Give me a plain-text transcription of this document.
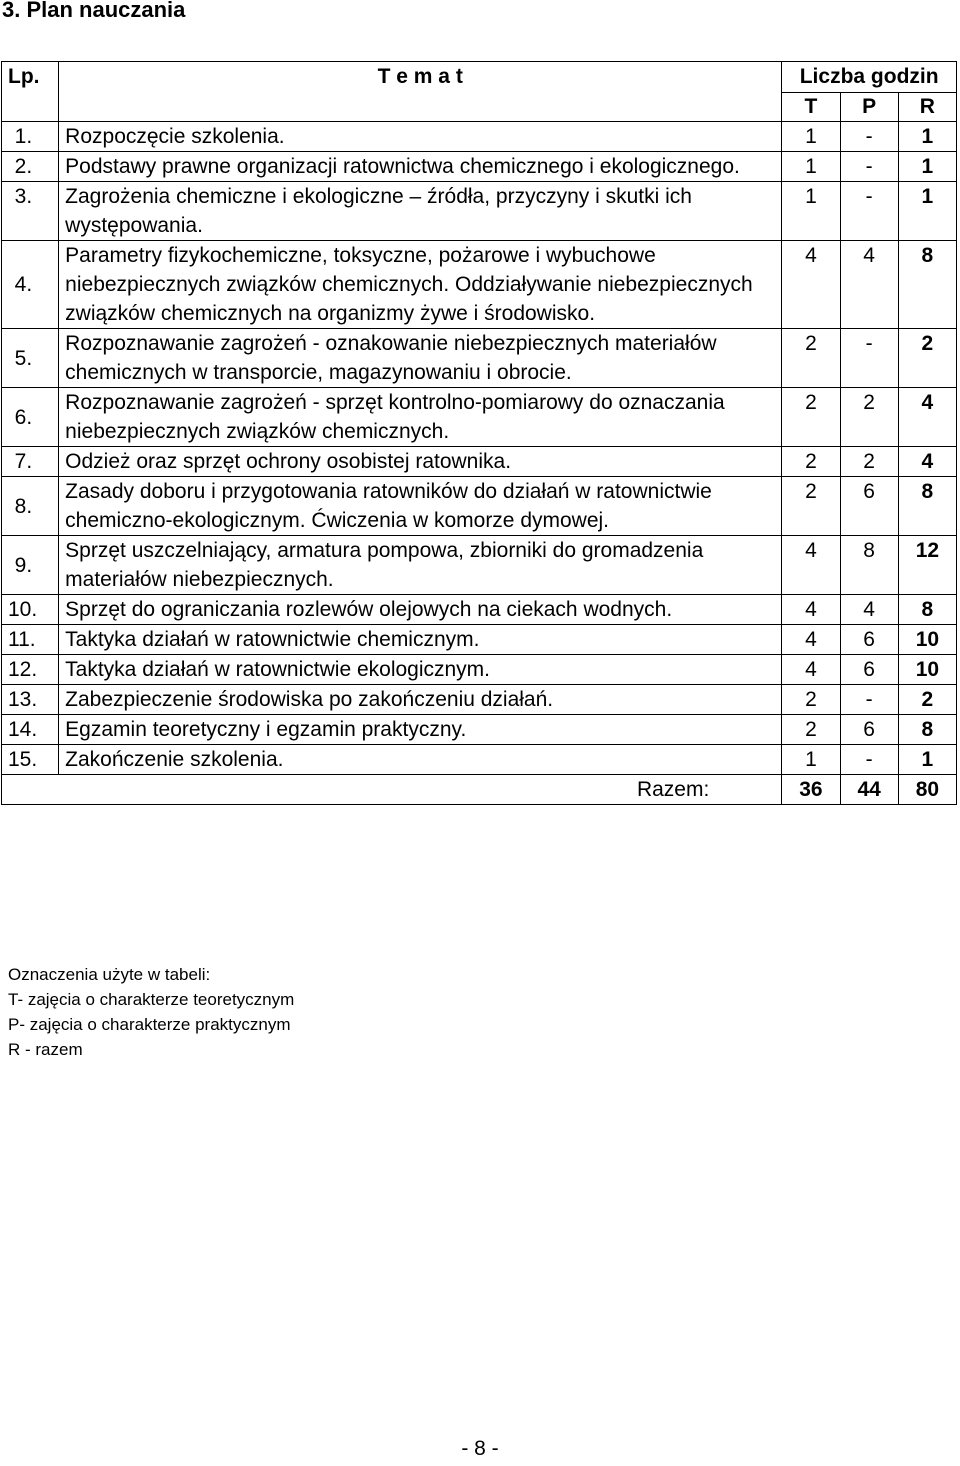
3. Plan nauczania
Lp.	T e m a t	Liczba godzin		
		T	P	R
1.	Rozpoczęcie szkolenia.	1	-	1
2.	Podstawy prawne organizacji ratownictwa chemicznego i ekologicznego.	1	-	1
3.	Zagrożenia chemiczne i ekologiczne – źródła, przyczyny i skutki ich występowania.	1	-	1
4.	Parametry fizykochemiczne, toksyczne, pożarowe i wybuchowe niebezpiecznych związków chemicznych. Oddziaływanie niebezpiecznych związków chemicznych na organizmy żywe i środowisko.	4	4	8
5.	Rozpoznawanie zagrożeń - oznakowanie niebezpiecznych materiałów chemicznych w transporcie, magazynowaniu i obrocie.	2	-	2
6.	Rozpoznawanie zagrożeń - sprzęt kontrolno-pomiarowy do oznaczania niebezpiecznych związków chemicznych.	2	2	4
7.	Odzież oraz sprzęt ochrony osobistej ratownika.	2	2	4
8.	Zasady doboru i przygotowania ratowników do działań w ratownictwie chemiczno-ekologicznym. Ćwiczenia w komorze dymowej.	2	6	8
9.	Sprzęt uszczelniający, armatura pompowa, zbiorniki do gromadzenia materiałów niebezpiecznych.	4	8	12
10.	Sprzęt do ograniczania rozlewów olejowych na ciekach wodnych.	4	4	8
11.	Taktyka działań w ratownictwie chemicznym.	4	6	10
12.	Taktyka działań w ratownictwie ekologicznym.	4	6	10
13.	Zabezpieczenie środowiska po zakończeniu działań.	2	-	2
14.	Egzamin teoretyczny i egzamin praktyczny.	2	6	8
15.	Zakończenie szkolenia.	1	-	1
Razem:		36	44	80
Oznaczenia użyte w tabeli:
T- zajęcia o charakterze teoretycznym
P- zajęcia o charakterze praktycznym
R - razem
- 8 -
